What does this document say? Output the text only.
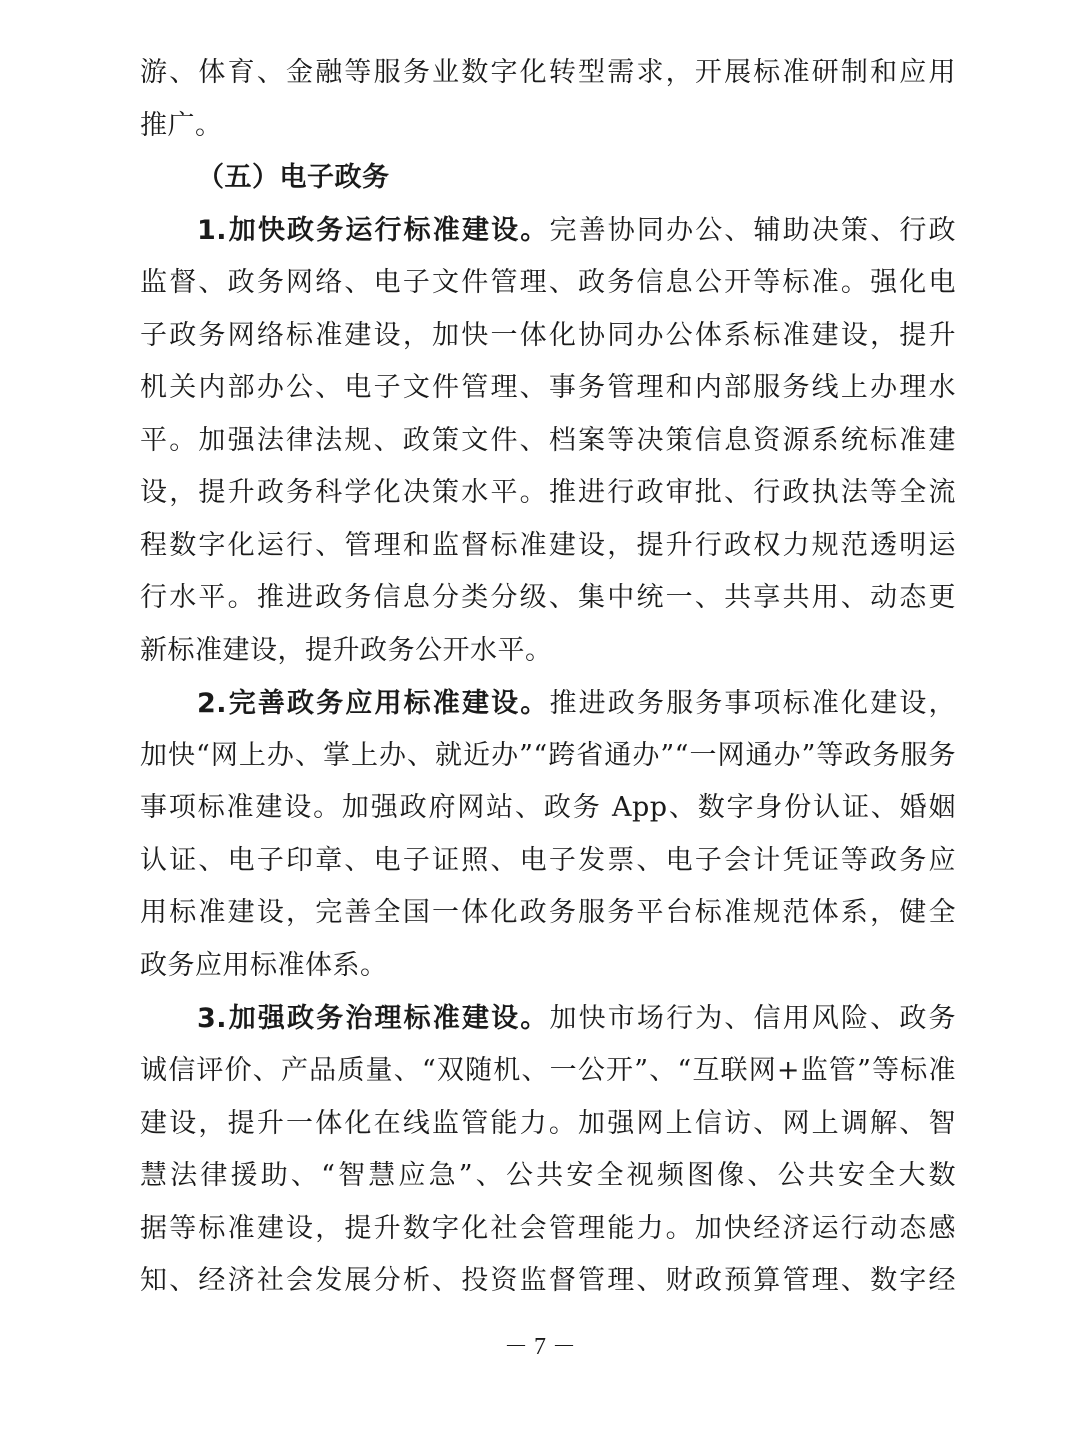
游、体育、金融等服务业数字化转型需求，开展标准研制和应用
推广。
（五）电子政务
1.加快政务运行标准建设。完善协同办公、辅助决策、行政
监督、政务网络、电子文件管理、政务信息公开等标准。强化电
子政务网络标准建设，加快一体化协同办公体系标准建设，提升
机关内部办公、电子文件管理、事务管理和内部服务线上办理水
平。加强法律法规、政策文件、档案等决策信息资源系统标准建
设，提升政务科学化决策水平。推进行政审批、行政执法等全流
程数字化运行、管理和监督标准建设，提升行政权力规范透明运
行水平。推进政务信息分类分级、集中统一、共享共用、动态更
新标准建设，提升政务公开水平。
2.完善政务应用标准建设。推进政务服务事项标准化建设，
加快“网上办、掌上办、就近办”“跨省通办”“一网通办”等政务服务
事项标准建设。加强政府网站、政务 App、数字身份认证、婚姻
认证、电子印章、电子证照、电子发票、电子会计凭证等政务应
用标准建设，完善全国一体化政务服务平台标准规范体系，健全
政务应用标准体系。
3.加强政务治理标准建设。加快市场行为、信用风险、政务
诚信评价、产品质量、“双随机、一公开”、“互联网+监管”等标准
建设，提升一体化在线监管能力。加强网上信访、网上调解、智
慧法律援助、“智慧应急”、公共安全视频图像、公共安全大数
据等标准建设，提升数字化社会管理能力。加快经济运行动态感
知、经济社会发展分析、投资监督管理、财政预算管理、数字经
－ 7 －
